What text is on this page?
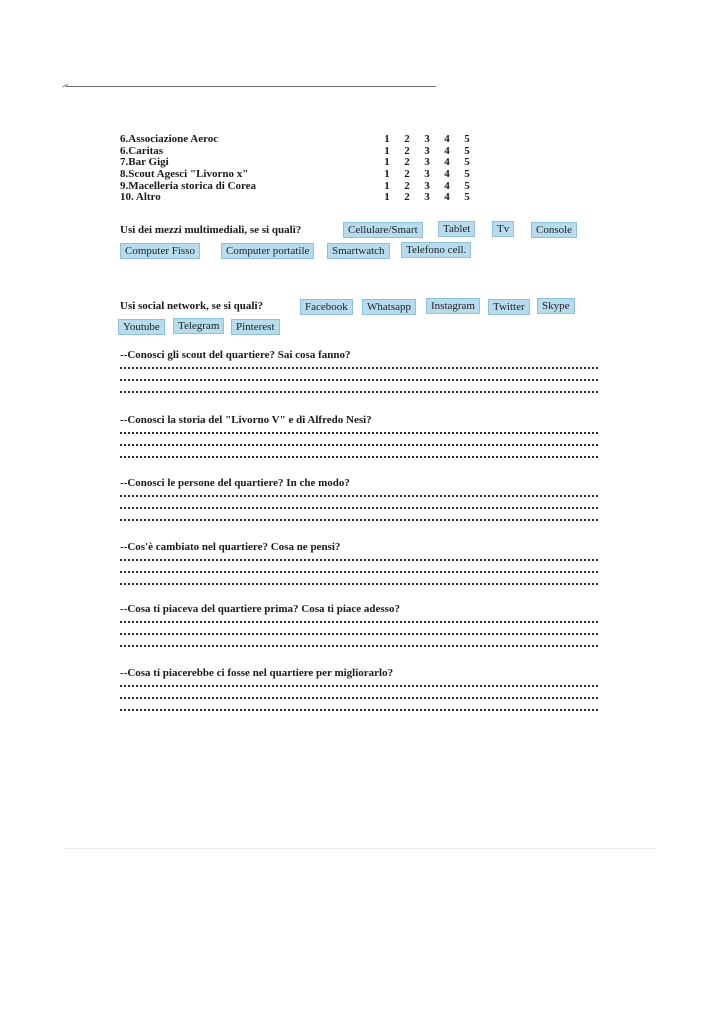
6.Associazione Aeroc	1 2 3 4 5
6.Caritas	1 2 3 4 5
7.Bar Gigi	1 2 3 4 5
8.Scout Agesci "Livorno x"	1 2 3 4 5
9.Macelleria storica di Corea	1 2 3 4 5
10. Altro	1 2 3 4 5
Usi dei mezzi multimediali, se si quali?	Cellulare/Smart	Tablet	Tv	Console
Computer Fisso	Computer portatile	Smartwatch	Telefono cell.
Usi social network, se si quali?	Facebook	Whatsapp	Instagram	Twitter	Skype
Youtube	Telegram	Pinterest
--Conosci gli scout del quartiere? Sai cosa fanno?
--Conosci la storia del "Livorno V" e di Alfredo Nesi?
--Conosci le persone del quartiere? In che modo?
--Cos'è cambiato nel quartiere? Cosa ne pensi?
--Cosa ti piaceva del quartiere prima? Cosa ti piace adesso?
--Cosa ti piacerebbe ci fosse nel quartiere per migliorarlo?
